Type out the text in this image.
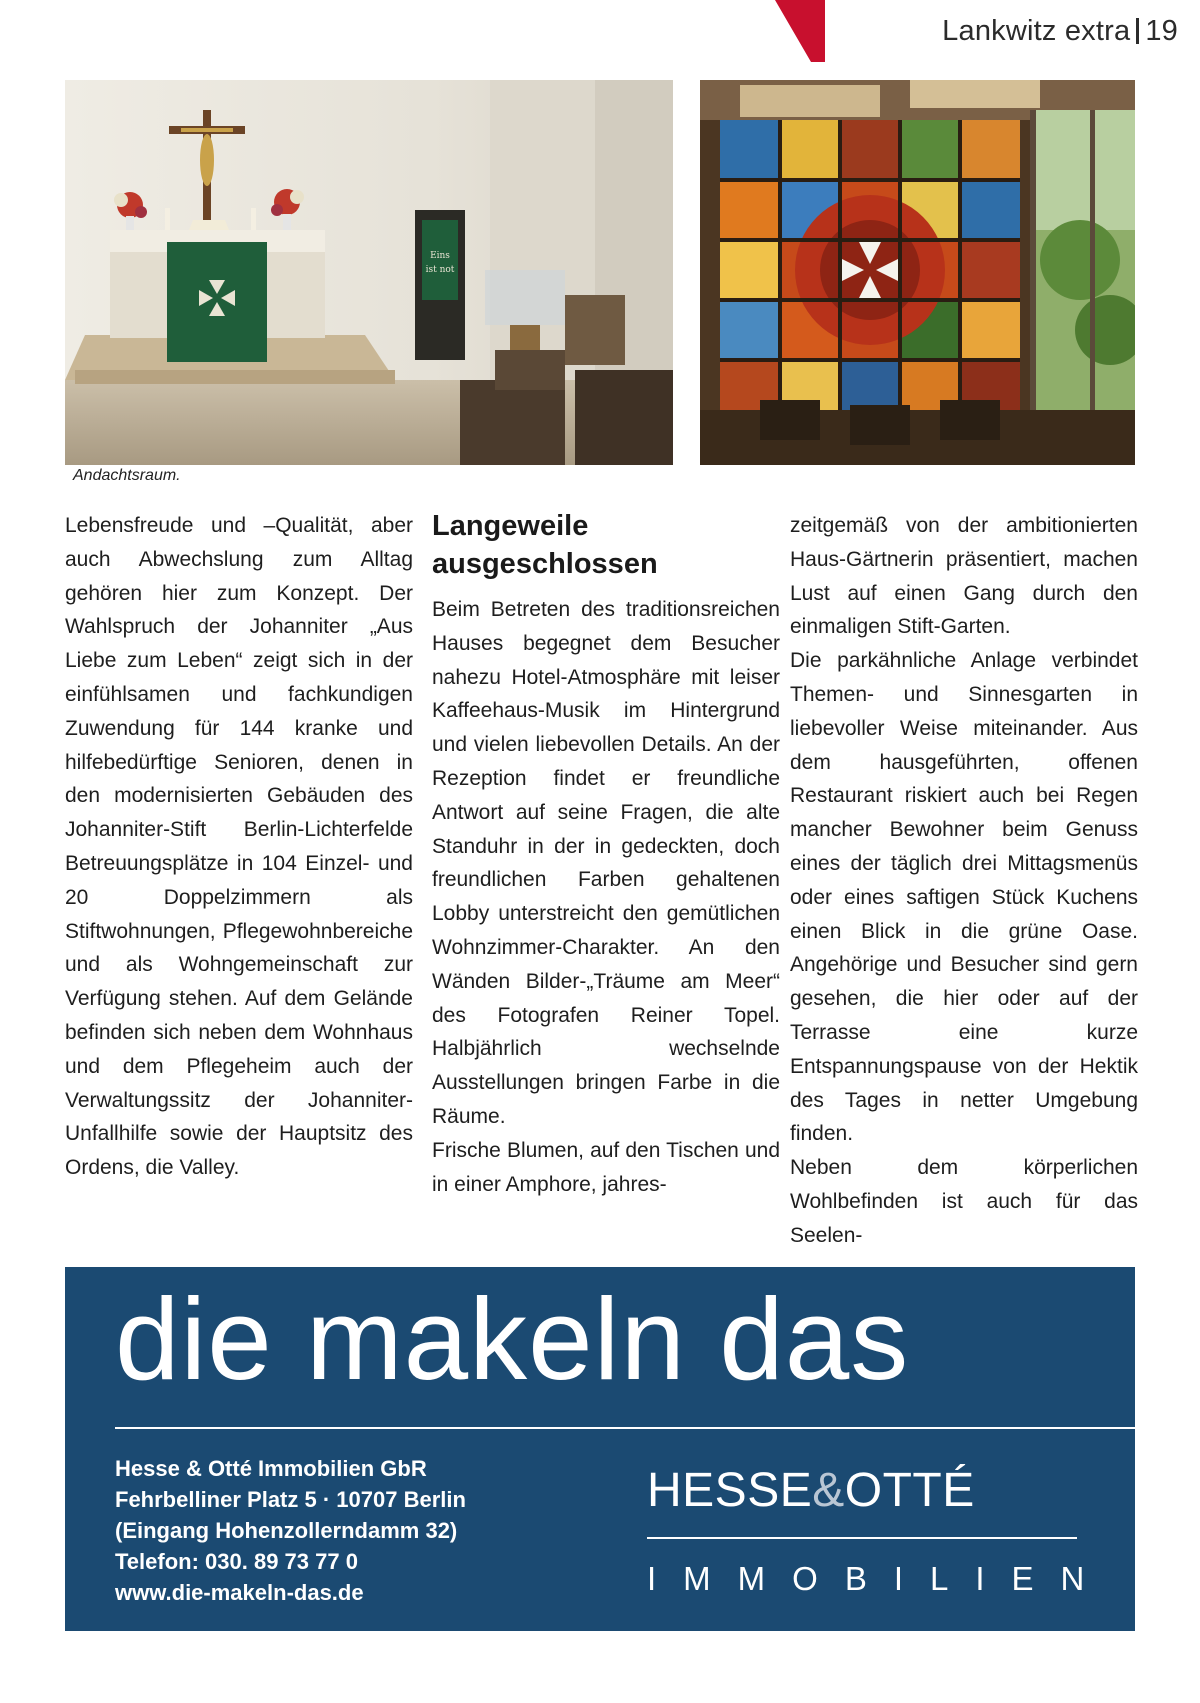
Lankwitz extra 19
Eins
ist not
Andachtsraum.

Lebensfreude und –Qualität, aber auch Abwechslung zum Alltag gehören hier zum Konzept. Der Wahlspruch der Johanniter „Aus Liebe zum Leben“ zeigt sich in der einfühlsamen und fachkundigen Zuwendung für 144 kranke und hilfebedürftige Senioren, denen in den modernisierten Gebäuden des Johanniter-Stift Berlin-Lichterfelde Betreuungsplätze in 104 Einzel- und 20 Doppelzimmern als Stiftwohnungen, Pflegewohnbereiche und als Wohngemeinschaft zur Verfügung stehen. Auf dem Gelände befinden sich neben dem Wohnhaus und dem Pflegeheim auch der Verwaltungssitz der Johanniter-Unfallhilfe sowie der Hauptsitz des Ordens, die Valley.

Langeweile ausgeschlossen

Beim Betreten des traditionsreichen Hauses begegnet dem Besucher nahezu Hotel-Atmosphäre mit leiser Kaffeehaus-Musik im Hintergrund und vielen liebevollen Details. An der Rezeption findet er freundliche Antwort auf seine Fragen, die alte Standuhr in der in gedeckten, doch freundlichen Farben gehaltenen Lobby unterstreicht den gemütlichen Wohnzimmer-Charakter. An den Wänden Bilder-„Träume am Meer“ des Fotografen Reiner Topel. Halbjährlich wechselnde Ausstellungen bringen Farbe in die Räume.

Frische Blumen, auf den Tischen und in einer Amphore, jahres-

zeitgemäß von der ambitionierten Haus-Gärtnerin präsentiert, machen Lust auf einen Gang durch den einmaligen Stift-Garten.

Die parkähnliche Anlage verbindet Themen- und Sinnesgarten in liebevoller Weise miteinander. Aus dem hausgeführten, offenen Restaurant riskiert auch bei Regen mancher Bewohner beim Genuss eines der täglich drei Mittagsmenüs oder eines saftigen Stück Kuchens einen Blick in die grüne Oase. Angehörige und Besucher sind gern gesehen, die hier oder auf der Terrasse eine kurze Entspannungspause von der Hektik des Tages in netter Umgebung finden.

Neben dem körperlichen Wohlbefinden ist auch für das Seelen-

die makeln das
Hesse & Otté Immobilien GbR
Fehrbelliner Platz 5 · 10707 Berlin
(Eingang Hohenzollerndamm 32)
Telefon: 030. 89 73 77 0
www.die-makeln-das.de
HESSE&OTTÉ
IMMOBILIEN
